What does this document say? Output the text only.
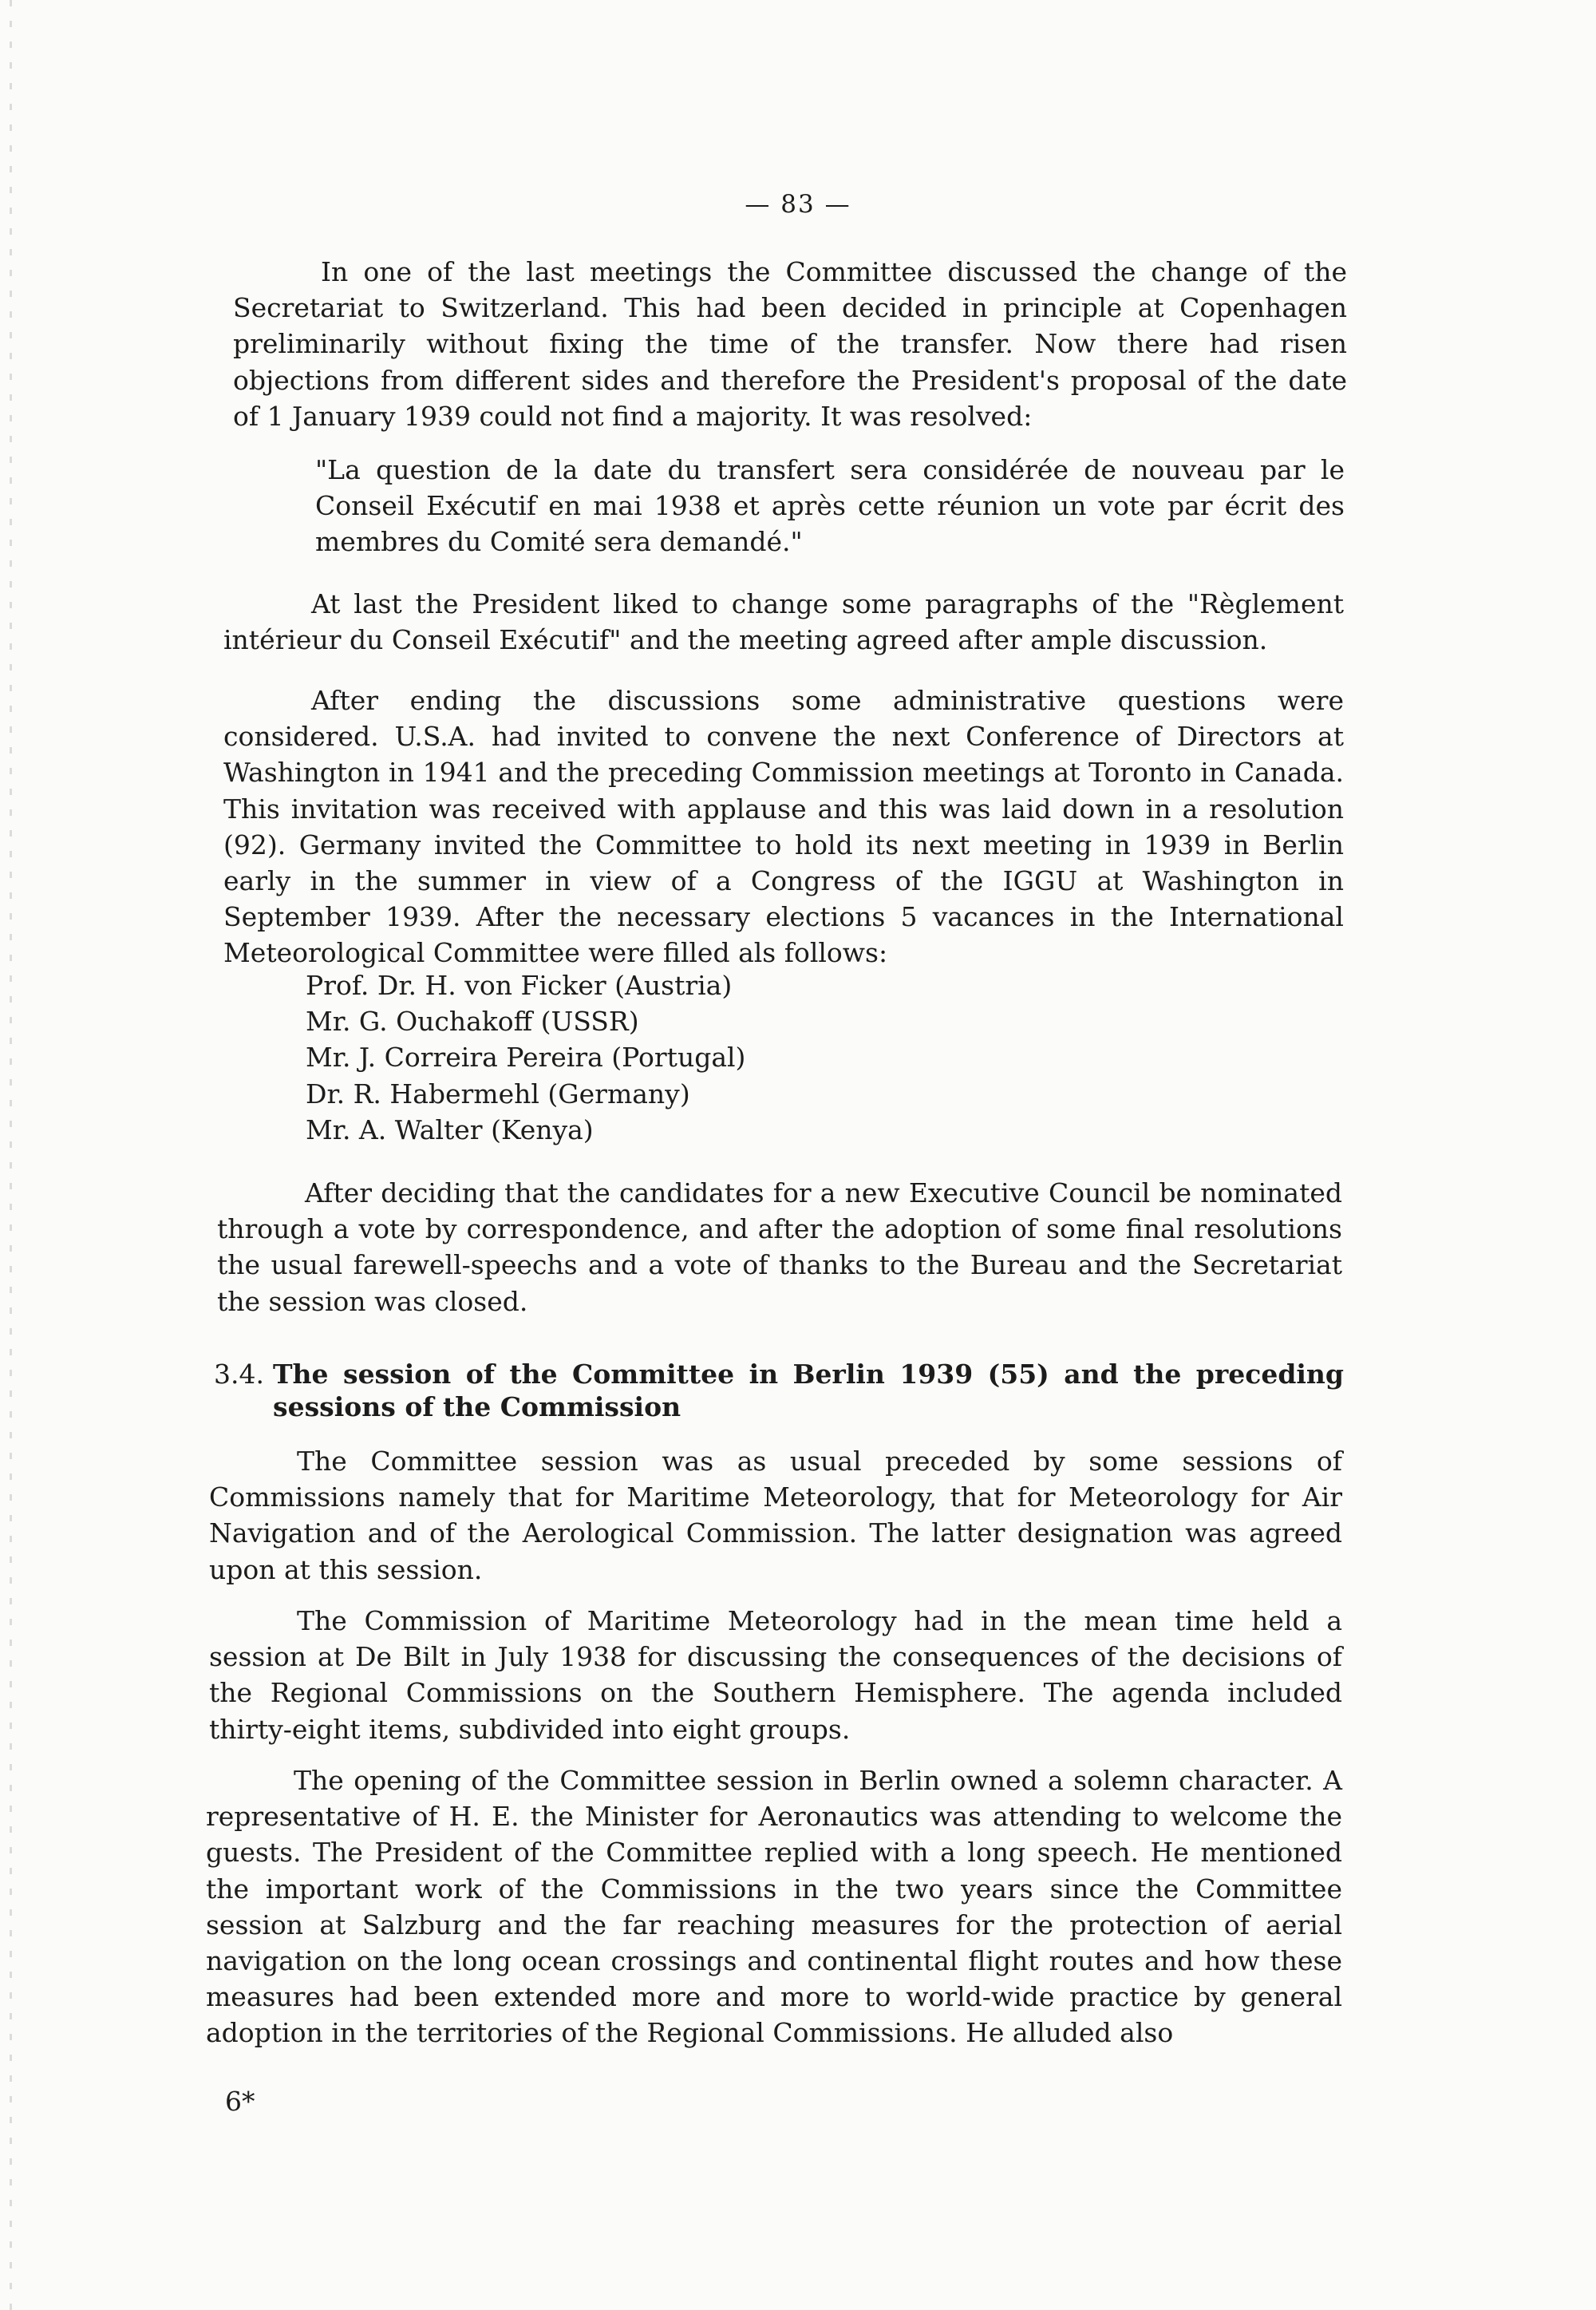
— 83 —

In one of the last meetings the Committee discussed the change of the Secretariat to Switzerland. This had been decided in principle at Copenhagen preliminarily without fixing the time of the transfer. Now there had risen objections from different sides and therefore the President's proposal of the date of 1 January 1939 could not find a majority. It was resolved:

"La question de la date du transfert sera considérée de nouveau par le Conseil Exécutif en mai 1938 et après cette réunion un vote par écrit des membres du Comité sera demandé."

At last the President liked to change some paragraphs of the "Règlement intérieur du Conseil Exécutif" and the meeting agreed after ample discussion.

After ending the discussions some administrative questions were considered. U.S.A. had invited to convene the next Conference of Directors at Washington in 1941 and the preceding Commission meetings at Toronto in Canada. This invitation was received with applause and this was laid down in a resolution (92). Germany invited the Committee to hold its next meeting in 1939 in Berlin early in the summer in view of a Congress of the IGGU at Washington in September 1939. After the necessary elections 5 vacances in the International Meteorological Committee were filled als follows:

Prof. Dr. H. von Ficker (Austria)
Mr. G. Ouchakoff (USSR)
Mr. J. Correira Pereira (Portugal)
Dr. R. Habermehl (Germany)
Mr. A. Walter (Kenya)

After deciding that the candidates for a new Executive Council be nominated through a vote by correspondence, and after the adoption of some final resolutions the usual farewell-speechs and a vote of thanks to the Bureau and the Secretariat the session was closed.

3.4. The session of the Committee in Berlin 1939 (55) and the preceding sessions of the Commission

The Committee session was as usual preceded by some sessions of Commissions namely that for Maritime Meteorology, that for Meteorology for Air Navigation and of the Aerological Commission. The latter designation was agreed upon at this session.

The Commission of Maritime Meteorology had in the mean time held a session at De Bilt in July 1938 for discussing the consequences of the decisions of the Regional Commissions on the Southern Hemisphere. The agenda included thirty-eight items, subdivided into eight groups.

The opening of the Committee session in Berlin owned a solemn character. A representative of H. E. the Minister for Aeronautics was attending to welcome the guests. The President of the Committee replied with a long speech. He mentioned the important work of the Commissions in the two years since the Committee session at Salzburg and the far reaching measures for the protection of aerial navigation on the long ocean crossings and continental flight routes and how these measures had been extended more and more to world-wide practice by general adoption in the territories of the Regional Commissions. He alluded also

6*
